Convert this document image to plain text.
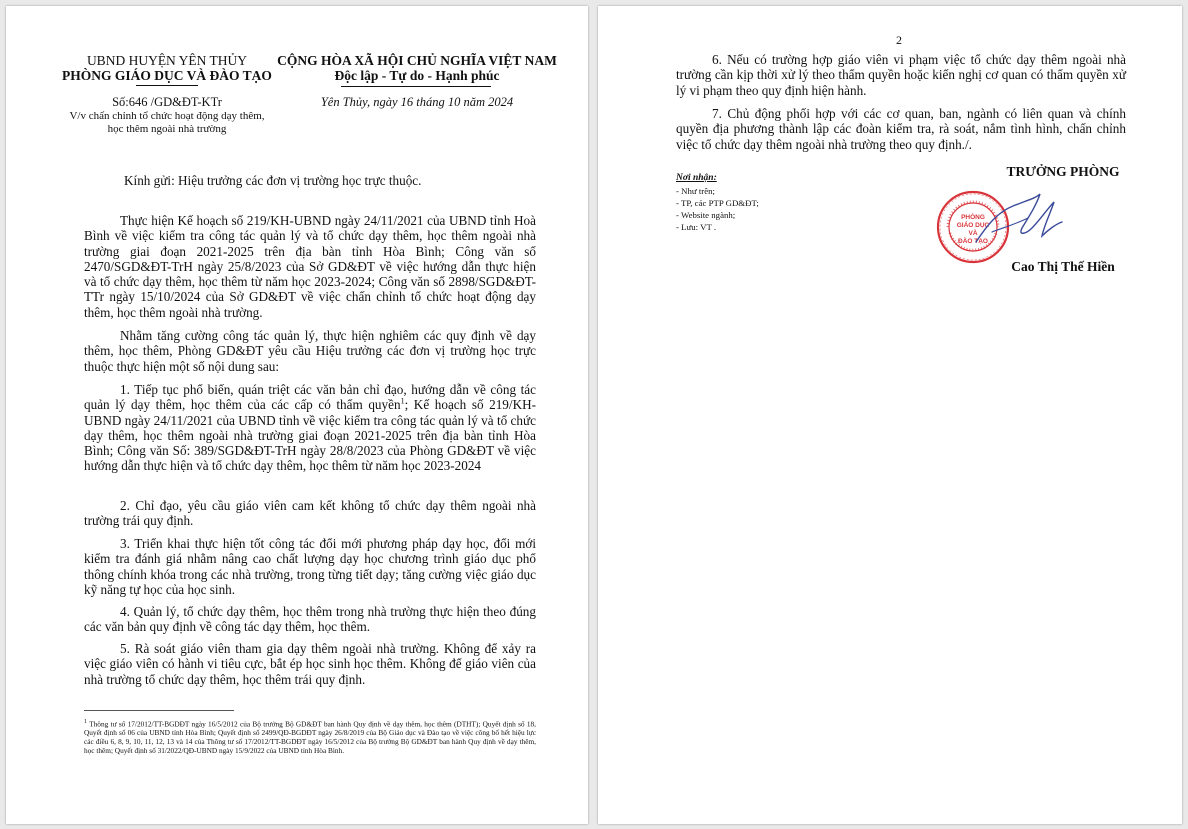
UBND HUYỆN YÊN THỦY
PHÒNG GIÁO DỤC VÀ ĐÀO TẠO
Số:646 /GD&ĐT-KTr
V/v chấn chỉnh tổ chức hoạt động dạy thêm, học thêm ngoài nhà trường
CỘNG HÒA XÃ HỘI CHỦ NGHĨA VIỆT NAM
Độc lập - Tự do - Hạnh phúc
Yên Thủy, ngày 16 tháng 10 năm 2024
Kính gửi: Hiệu trưởng các đơn vị trường học trực thuộc.
Thực hiện Kế hoạch số 219/KH-UBND ngày 24/11/2021 của UBND tỉnh Hoà Bình về việc kiểm tra công tác quản lý và tổ chức dạy thêm, học thêm ngoài nhà trường giai đoạn 2021-2025 trên địa bàn tỉnh Hòa Bình; Công văn số 2470/SGD&ĐT-TrH ngày 25/8/2023 của Sở GD&ĐT về việc hướng dẫn thực hiện và tổ chức dạy thêm, học thêm từ năm học 2023-2024; Công văn số 2898/SGD&ĐT-TTr ngày 15/10/2024 của Sở GD&ĐT về việc chấn chỉnh tổ chức hoạt động dạy thêm, học thêm ngoài nhà trường.
Nhằm tăng cường công tác quản lý, thực hiện nghiêm các quy định về dạy thêm, học thêm, Phòng GD&ĐT yêu cầu Hiệu trưởng các đơn vị trường học trực thuộc thực hiện một số nội dung sau:
1. Tiếp tục phổ biến, quán triệt các văn bản chỉ đạo, hướng dẫn về công tác quản lý dạy thêm, học thêm của các cấp có thẩm quyền$^1$; Kế hoạch số 219/KH-UBND ngày 24/11/2021 của UBND tỉnh về việc kiểm tra công tác quản lý và tổ chức dạy thêm, học thêm ngoài nhà trường giai đoạn 2021-2025 trên địa bàn tỉnh Hòa Bình; Công văn Số: 389/SGD&ĐT-TrH ngày 28/8/2023 của Phòng GD&ĐT về việc hướng dẫn thực hiện và tổ chức dạy thêm, học thêm từ năm học 2023-2024
2. Chỉ đạo, yêu cầu giáo viên cam kết không tổ chức dạy thêm ngoài nhà trường trái quy định.
3. Triển khai thực hiện tốt công tác đổi mới phương pháp dạy học, đổi mới kiểm tra đánh giá nhằm nâng cao chất lượng dạy học chương trình giáo dục phổ thông chính khóa trong các nhà trường, trong từng tiết dạy; tăng cường việc giáo dục kỹ năng tự học của học sinh.
4. Quản lý, tổ chức dạy thêm, học thêm trong nhà trường thực hiện theo đúng các văn bản quy định về công tác dạy thêm, học thêm.
5. Rà soát giáo viên tham gia dạy thêm ngoài nhà trường. Không để xảy ra việc giáo viên có hành vi tiêu cực, bắt ép học sinh học thêm. Không để giáo viên của nhà trường tổ chức dạy thêm, học thêm trái quy định.
$^1$ Thông tư số 17/2012/TT-BGDĐT ngày 16/5/2012 của Bộ trưởng Bộ GD&ĐT ban hành Quy định về dạy thêm, học thêm (DTHT); Quyết định số 18, Quyết định số 06 của UBND tỉnh Hòa Bình; Quyết định số 2499/QĐ-BGDĐT ngày 26/8/2019 của Bộ Giáo dục và Đào tạo về việc công bố hết hiệu lực các điều 6, 8, 9, 10, 11, 12, 13 và 14 của Thông tư số 17/2012/TT-BGDĐT ngày 16/5/2012 của Bộ trưởng Bộ GD&ĐT ban hành Quy định về dạy thêm, học thêm; Quyết định số 31/2022/QĐ-UBND ngày 15/9/2022 của UBND tỉnh Hòa Bình.
2
6. Nếu có trường hợp giáo viên vi phạm việc tổ chức dạy thêm ngoài nhà trường cần kịp thời xử lý theo thẩm quyền hoặc kiến nghị cơ quan có thẩm quyền xử lý vi phạm theo quy định hiện hành.
7. Chủ động phối hợp với các cơ quan, ban, ngành có liên quan và chính quyền địa phương thành lập các đoàn kiểm tra, rà soát, nắm tình hình, chấn chỉnh việc tổ chức dạy thêm ngoài nhà trường theo quy định./.
Nơi nhận:
- Như trên;
- TP, các PTP GD&ĐT;
- Website ngành;
- Lưu: VT .
TRƯỞNG PHÒNG
PHÒNG
GIÁO DỤC
VÀ
ĐÀO TẠO
Cao Thị Thế Hiền
